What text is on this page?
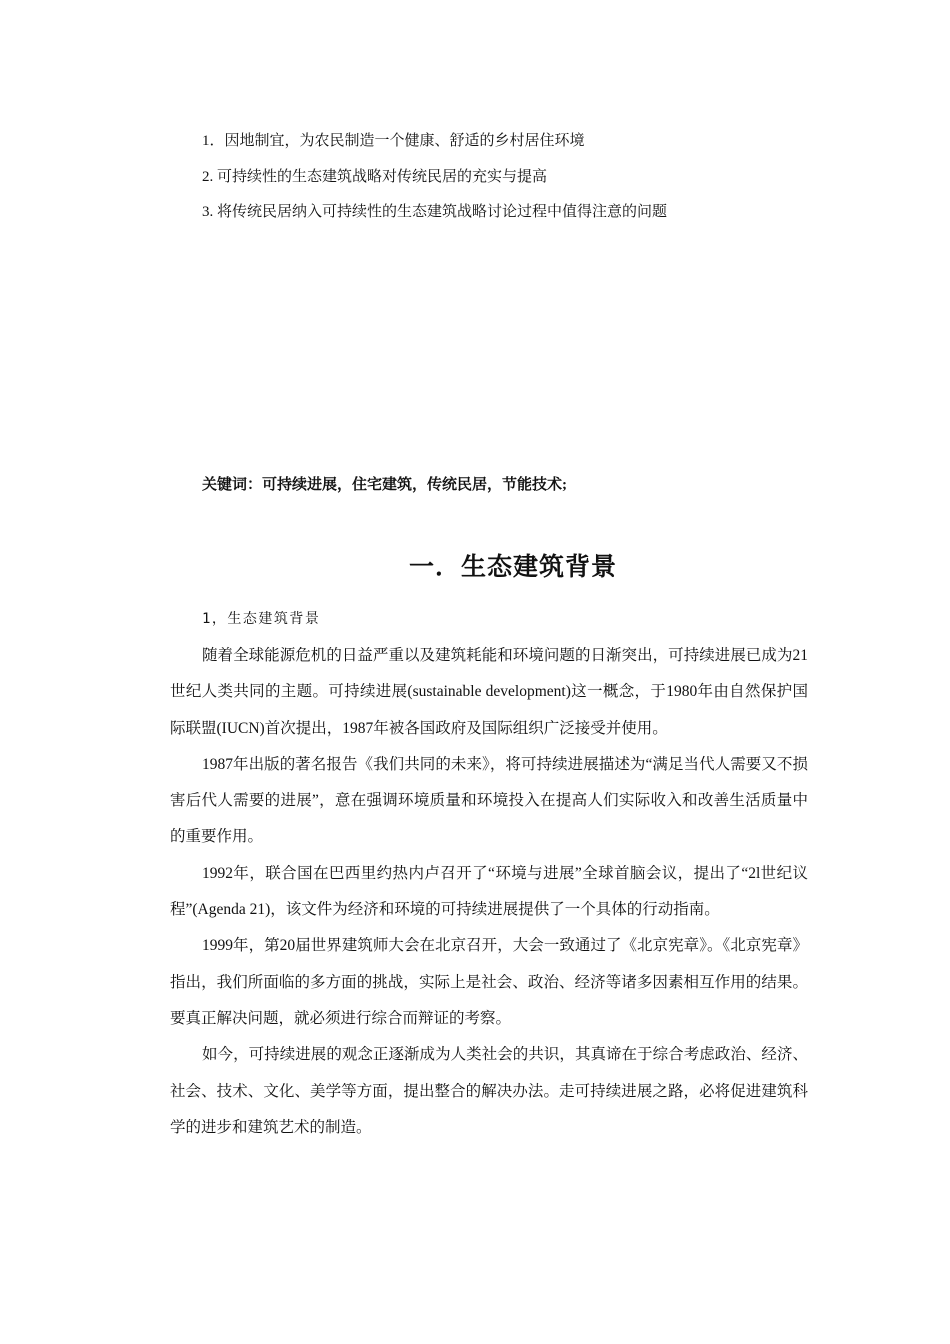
1．因地制宜，为农民制造一个健康、舒适的乡村居住环境
2. 可持续性的生态建筑战略对传统民居的充实与提高
3. 将传统民居纳入可持续性的生态建筑战略讨论过程中值得注意的问题
关键词：可持续进展，住宅建筑，传统民居，节能技术;
一．生态建筑背景
1，生态建筑背景

随着全球能源危机的日益严重以及建筑耗能和环境问题的日渐突出，可持续进展已成为21世纪人类共同的主题。可持续进展(sustainable development)这一概念，于1980年由自然保护国际联盟(IUCN)首次提出，1987年被各国政府及国际组织广泛接受并使用。

1987年出版的著名报告《我们共同的未来》，将可持续进展描述为“满足当代人需要又不损害后代人需要的进展”，意在强调环境质量和环境投入在提高人们实际收入和改善生活质量中的重要作用。

1992年，联合国在巴西里约热内卢召开了“环境与进展”全球首脑会议，提出了“2l世纪议程”(Agenda 21)，该文件为经济和环境的可持续进展提供了一个具体的行动指南。

1999年，第20届世界建筑师大会在北京召开，大会一致通过了《北京宪章》。《北京宪章》指出，我们所面临的多方面的挑战，实际上是社会、政治、经济等诸多因素相互作用的结果。要真正解决问题，就必须进行综合而辩证的考察。

如今，可持续进展的观念正逐渐成为人类社会的共识，其真谛在于综合考虑政治、经济、社会、技术、文化、美学等方面，提出整合的解决办法。走可持续进展之路，必将促进建筑科学的进步和建筑艺术的制造。
